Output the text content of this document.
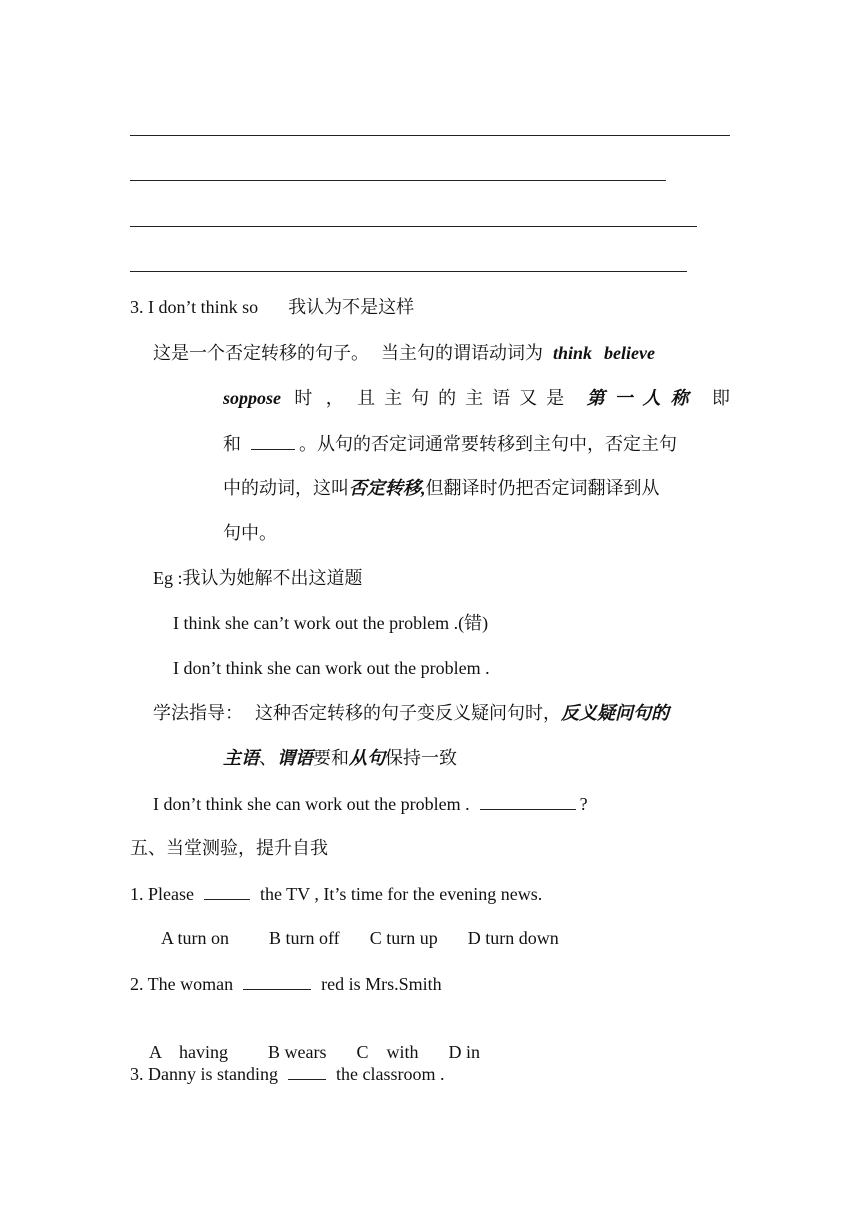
3. I don’t think so 我认为不是这样
这是一个否定转移的句子。 当主句的谓语动词为 think believe
soppose 时 ， 且主句的主语又是 第一人称 即
和	。从句的否定词通常要转移到主句中，否定主句
中的动词，这叫否定转移,但翻译时仍把否定词翻译到从
句中。
Eg :我认为她解不出这道题
I think she can’t work out the problem .(错)
I don’t think she can work out the problem .
学法指导： 这种否定转移的句子变反义疑问句时，反义疑问句的
主语、谓语要和从句保持一致
I don’t think she can work out the problem .	?
五、当堂测验，提升自我
1. Please	the TV , It’s time for the evening news.
A turn on B turn off C turn up D turn down
2. The woman	red is Mrs.Smith

A    having B wears C    with D in

3. Danny is standing	the classroom .
